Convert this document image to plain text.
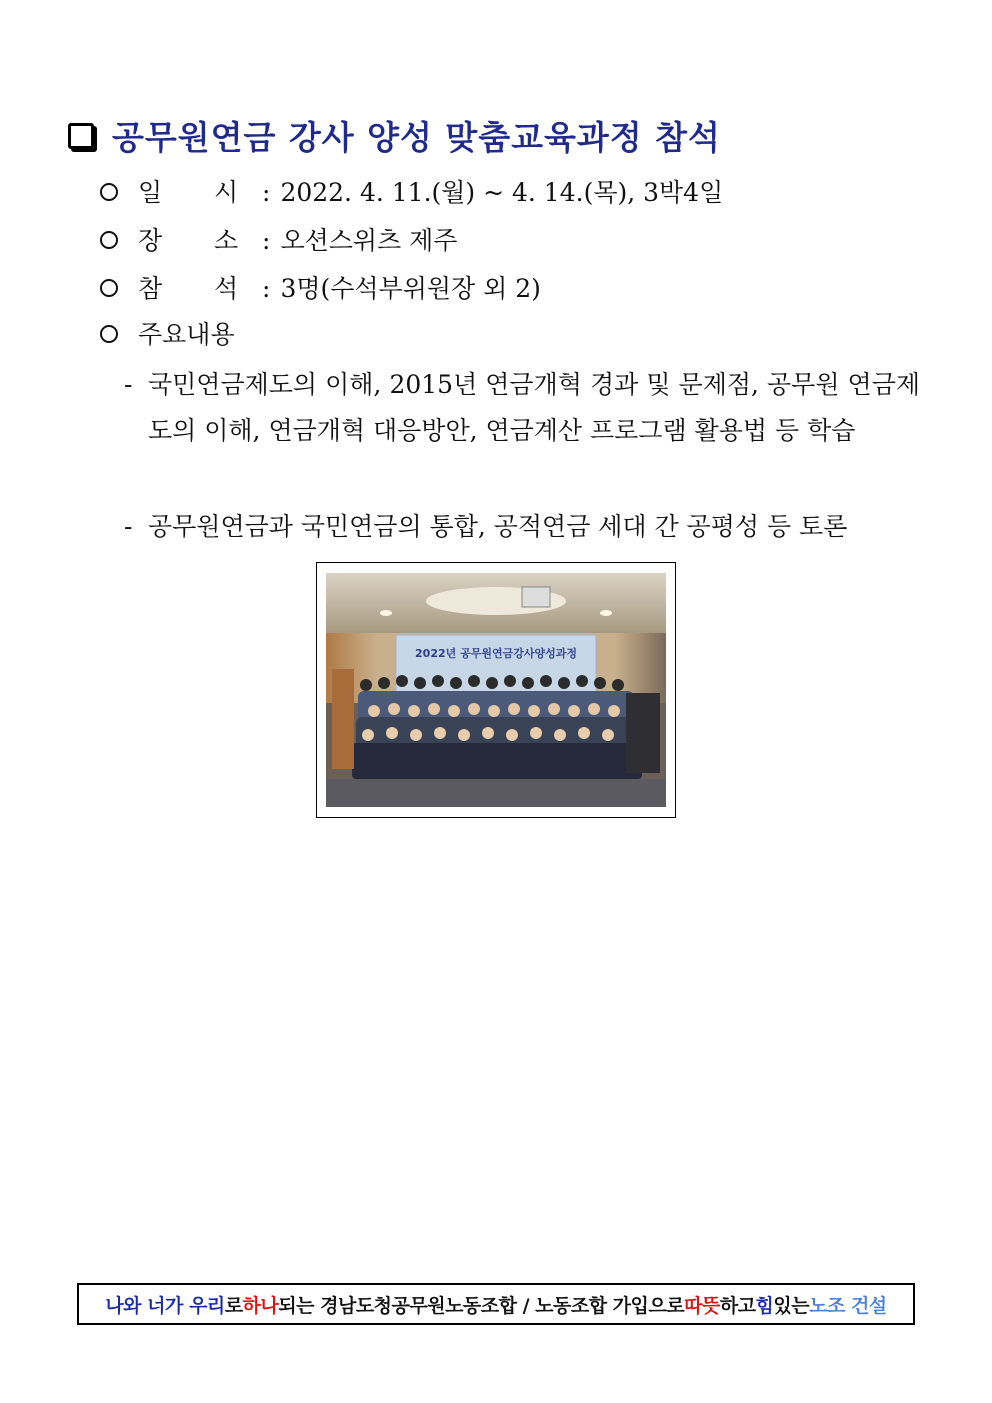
공무원연금 강사 양성 맞춤교육과정 참석
일 시 : 2022. 4. 11.(월) ~ 4. 14.(목), 3박4일
장 소 : 오션스위츠 제주
참 석 : 3명(수석부위원장 외 2)
주요내용
- 국민연금제도의 이해, 2015년 연금개혁 경과 및 문제점, 공무원 연금제도의 이해, 연금개혁 대응방안, 연금계산 프로그램 활용법 등 학습
- 공무원연금과 국민연금의 통합, 공적연금 세대 간 공평성 등 토론
2022년 공무원연금강사양성과정
나와 너가 우리 로 하나 되는 경남도청공무원노동조합 / 노동조합 가입으로 따뜻 하고 힘 있는 노조 건설
